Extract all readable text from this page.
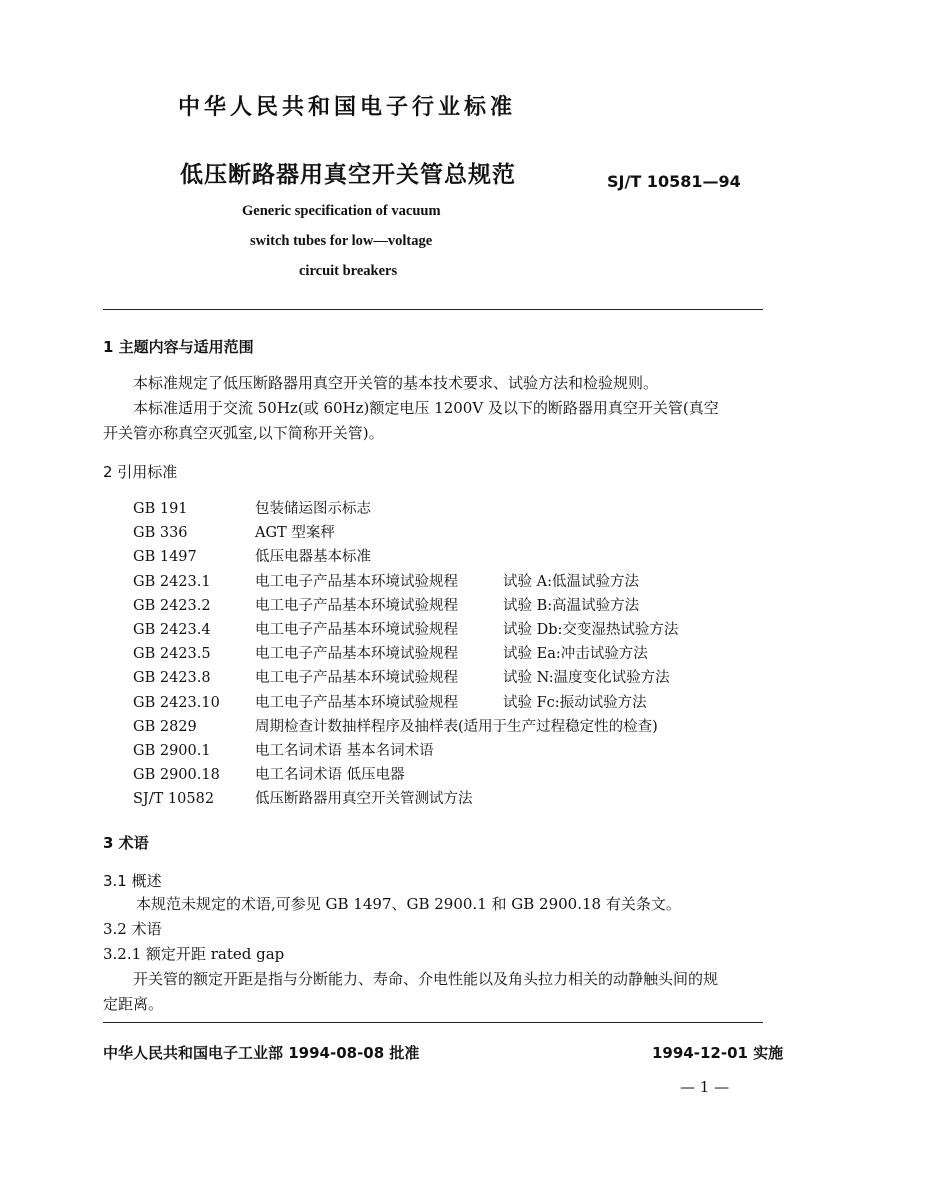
中华人民共和国电子行业标准
低压断路器用真空开关管总规范	SJ/T 10581—94
Generic specification of vacuum
switch tubes for low—voltage
circuit breakers
1 主题内容与适用范围
本标准规定了低压断路器用真空开关管的基本技术要求、试验方法和检验规则。
本标准适用于交流 50Hz(或 60Hz)额定电压 1200V 及以下的断路器用真空开关管(真空
开关管亦称真空灭弧室,以下简称开关管)。
2 引用标准
GB 191	包装储运图示标志
GB 336	AGT 型案秤
GB 1497	低压电器基本标准
GB 2423.1	电工电子产品基本环境试验规程	试验 A:低温试验方法
GB 2423.2	电工电子产品基本环境试验规程	试验 B:高温试验方法
GB 2423.4	电工电子产品基本环境试验规程	试验 Db:交变湿热试验方法
GB 2423.5	电工电子产品基本环境试验规程	试验 Ea:冲击试验方法
GB 2423.8	电工电子产品基本环境试验规程	试验 N:温度变化试验方法
GB 2423.10 电工电子产品基本环境试验规程	试验 Fc:振动试验方法
GB 2829	周期检查计数抽样程序及抽样表(适用于生产过程稳定性的检查)
GB 2900.1	电工名词术语 基本名词术语
GB 2900.18 电工名词术语 低压电器
SJ/T 10582	低压断路器用真空开关管测试方法
3 术语
3.1 概述
本规范未规定的术语,可参见 GB 1497、GB 2900.1 和 GB 2900.18 有关条文。
3.2 术语
3.2.1 额定开距 rated gap
开关管的额定开距是指与分断能力、寿命、介电性能以及角头拉力相关的动静触头间的规
定距离。
中华人民共和国电子工业部 1994-08-08 批准	1994-12-01 实施
— 1 —
